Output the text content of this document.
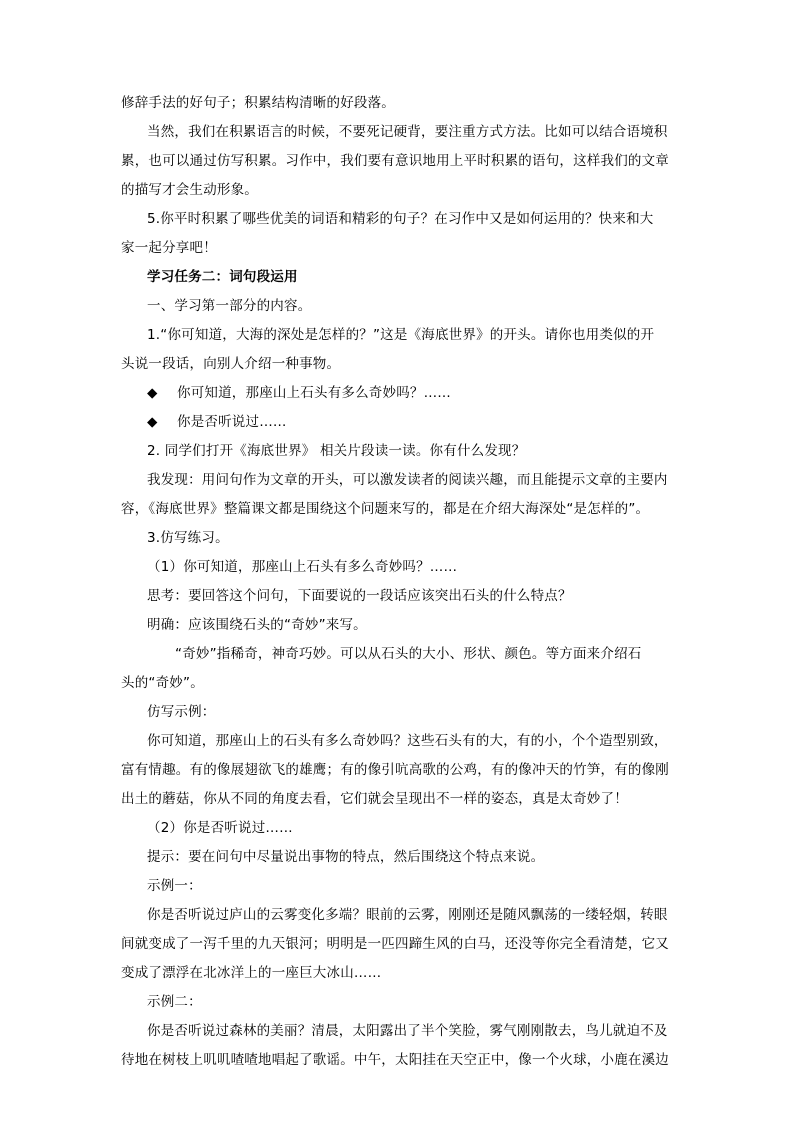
修辞手法的好句子；积累结构清晰的好段落。
当然，我们在积累语言的时候，不要死记硬背，要注重方式方法。比如可以结合语境积
累，也可以通过仿写积累。习作中，我们要有意识地用上平时积累的语句，这样我们的文章
的描写才会生动形象。
5.你平时积累了哪些优美的词语和精彩的句子？在习作中又是如何运用的？快来和大
家一起分享吧！
学习任务二：词句段运用
一、学习第一部分的内容。
1.“你可知道，大海的深处是怎样的？”这是《海底世界》的开头。请你也用类似的开
头说一段话，向别人介绍一种事物。
◆ 你可知道，那座山上石头有多么奇妙吗？……
◆ 你是否听说过……
2. 同学们打开《海底世界》 相关片段读一读。你有什么发现？
我发现：用问句作为文章的开头，可以激发读者的阅读兴趣，而且能提示文章的主要内
容，《海底世界》整篇课文都是围绕这个问题来写的，都是在介绍大海深处“是怎样的”。
3.仿写练习。
（1）你可知道，那座山上石头有多么奇妙吗？……
思考：要回答这个问句，下面要说的一段话应该突出石头的什么特点？
明确：应该围绕石头的“奇妙”来写。
“奇妙”指稀奇，神奇巧妙。可以从石头的大小、形状、颜色。等方面来介绍石
头的“奇妙”。
仿写示例：
你可知道，那座山上的石头有多么奇妙吗？这些石头有的大，有的小，个个造型别致，
富有情趣。有的像展翅欲飞的雄鹰；有的像引吭高歌的公鸡，有的像冲天的竹笋，有的像刚
出土的蘑菇，你从不同的角度去看，它们就会呈现出不一样的姿态，真是太奇妙了！
（2）你是否听说过……
提示：要在问句中尽量说出事物的特点，然后围绕这个特点来说。
示例一：
你是否听说过庐山的云雾变化多端？眼前的云雾，刚刚还是随风飘荡的一缕轻烟，转眼
间就变成了一泻千里的九天银河；明明是一匹四蹄生风的白马，还没等你完全看清楚，它又
变成了漂浮在北冰洋上的一座巨大冰山……
示例二：
你是否听说过森林的美丽？清晨，太阳露出了半个笑脸，雾气刚刚散去，鸟儿就迫不及
待地在树枝上叽叽喳喳地唱起了歌谣。中午，太阳挂在天空正中，像一个火球，小鹿在溪边
